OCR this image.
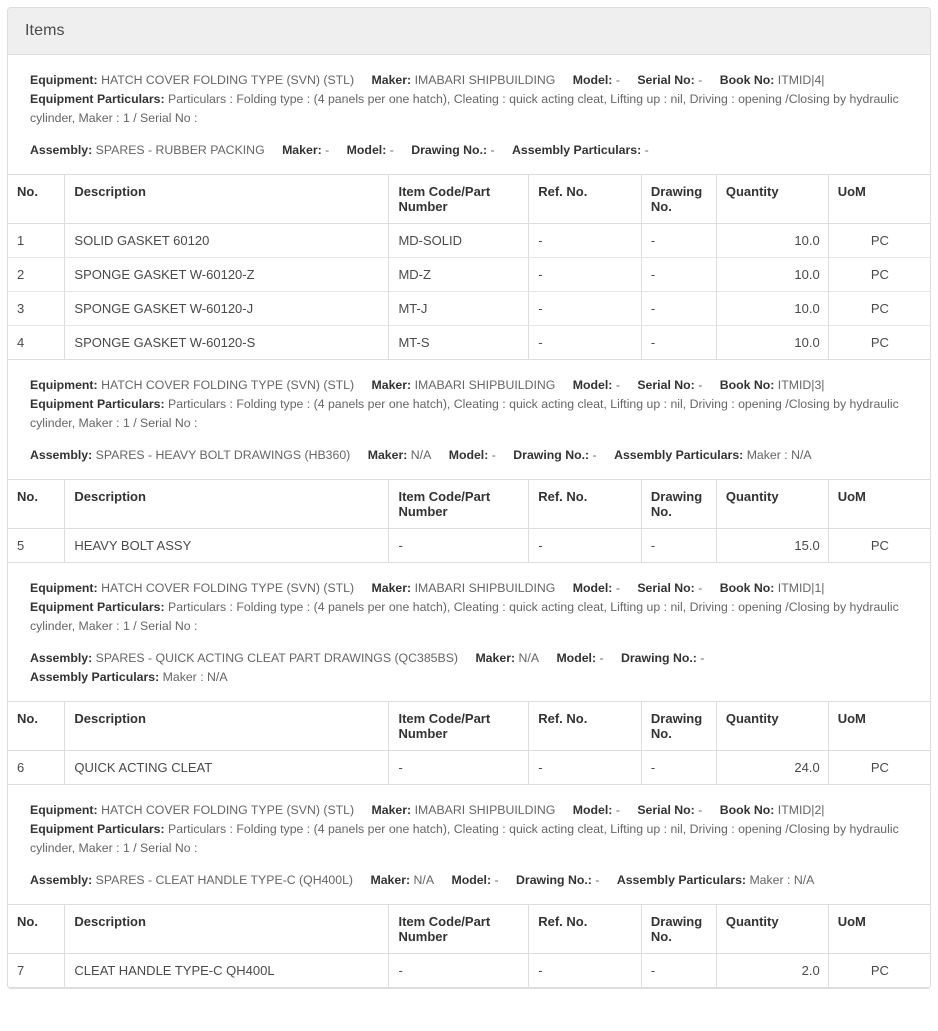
Items
Equipment: HATCH COVER FOLDING TYPE (SVN) (STL) Maker: IMABARI SHIPBUILDING Model: - Serial No: - Book No: ITMID|4|
Equipment Particulars: Particulars : Folding type : (4 panels per one hatch), Cleating : quick acting cleat, Lifting up : nil, Driving : opening /Closing by hydraulic cylinder, Maker : 1 / Serial No :
Assembly: SPARES - RUBBER PACKING Maker: - Model: - Drawing No.: - Assembly Particulars: -
No.	Description	Item Code/Part Number	Ref. No.	Drawing No.	Quantity	UoM
1	SOLID GASKET 60120	MD-SOLID	-	-	10.0	PC
2	SPONGE GASKET W-60120-Z	MD-Z	-	-	10.0	PC
3	SPONGE GASKET W-60120-J	MT-J	-	-	10.0	PC
4	SPONGE GASKET W-60120-S	MT-S	-	-	10.0	PC
Equipment: HATCH COVER FOLDING TYPE (SVN) (STL) Maker: IMABARI SHIPBUILDING Model: - Serial No: - Book No: ITMID|3|
Equipment Particulars: Particulars : Folding type : (4 panels per one hatch), Cleating : quick acting cleat, Lifting up : nil, Driving : opening /Closing by hydraulic cylinder, Maker : 1 / Serial No :
Assembly: SPARES - HEAVY BOLT DRAWINGS (HB360) Maker: N/A Model: - Drawing No.: - Assembly Particulars: Maker : N/A
No.	Description	Item Code/Part Number	Ref. No.	Drawing No.	Quantity	UoM
5	HEAVY BOLT ASSY	-	-	-	15.0	PC
Equipment: HATCH COVER FOLDING TYPE (SVN) (STL) Maker: IMABARI SHIPBUILDING Model: - Serial No: - Book No: ITMID|1|
Equipment Particulars: Particulars : Folding type : (4 panels per one hatch), Cleating : quick acting cleat, Lifting up : nil, Driving : opening /Closing by hydraulic cylinder, Maker : 1 / Serial No :
Assembly: SPARES - QUICK ACTING CLEAT PART DRAWINGS (QC385BS) Maker: N/A Model: - Drawing No.: -
Assembly Particulars: Maker : N/A
No.	Description	Item Code/Part Number	Ref. No.	Drawing No.	Quantity	UoM
6	QUICK ACTING CLEAT	-	-	-	24.0	PC
Equipment: HATCH COVER FOLDING TYPE (SVN) (STL) Maker: IMABARI SHIPBUILDING Model: - Serial No: - Book No: ITMID|2|
Equipment Particulars: Particulars : Folding type : (4 panels per one hatch), Cleating : quick acting cleat, Lifting up : nil, Driving : opening /Closing by hydraulic cylinder, Maker : 1 / Serial No :
Assembly: SPARES - CLEAT HANDLE TYPE-C (QH400L) Maker: N/A Model: - Drawing No.: - Assembly Particulars: Maker : N/A
No.	Description	Item Code/Part Number	Ref. No.	Drawing No.	Quantity	UoM
7	CLEAT HANDLE TYPE-C QH400L	-	-	-	2.0	PC
